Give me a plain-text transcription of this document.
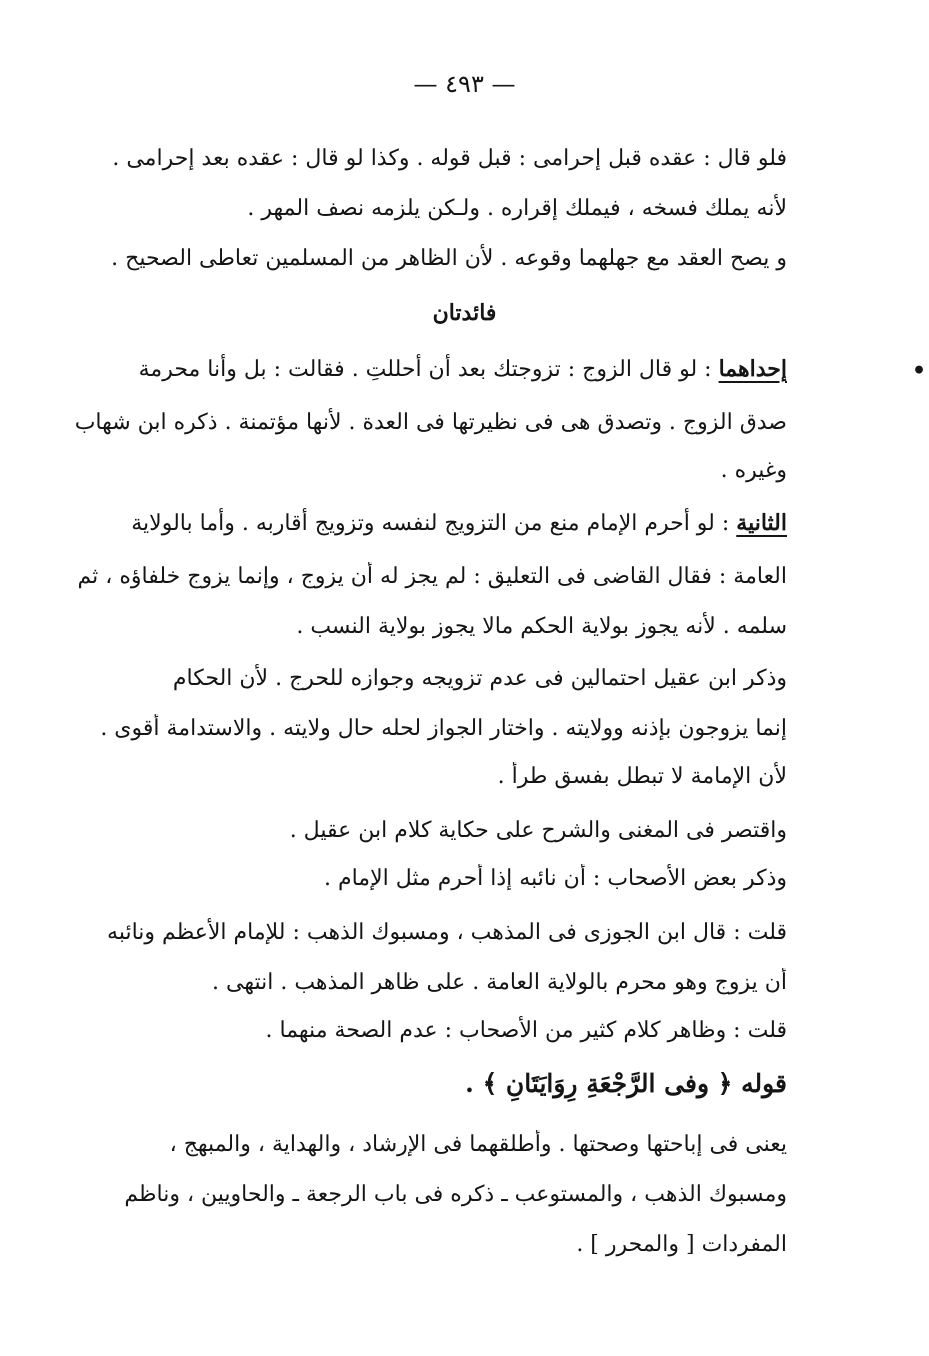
— ٤٩٣ —
•
فلو قال : عقده قبل إحرامى : قبل قوله . وكذا لو قال : عقده بعد إحرامى .
لأنه يملك فسخه ، فيملك إقراره . ولـكن يلزمه نصف المهر .
و يصح العقد مع جهلهما وقوعه . لأن الظاهر من المسلمين تعاطى الصحيح .
فائدتان
إحداهما : لو قال الزوج : تزوجتك بعد أن أحللتِ . فقالت : بل وأنا محرمة
صدق الزوج . وتصدق هى فى نظيرتها فى العدة . لأنها مؤتمنة . ذكره ابن شهاب
وغيره .
الثانية : لو أحرم الإمام منع من التزويج لنفسه وتزويج أقاربه . وأما بالولاية
العامة : فقال القاضى فى التعليق : لم يجز له أن يزوج ، وإنما يزوج خلفاؤه ، ثم
سلمه . لأنه يجوز بولاية الحكم مالا يجوز بولاية النسب .
وذكر ابن عقيل احتمالين فى عدم تزويجه وجوازه للحرج . لأن الحكام
إنما يزوجون بإذنه وولايته . واختار الجواز لحله حال ولايته . والاستدامة أقوى .
لأن الإمامة لا تبطل بفسق طرأ .
واقتصر فى المغنى والشرح على حكاية كلام ابن عقيل .
وذكر بعض الأصحاب : أن نائبه إذا أحرم مثل الإمام .
قلت : قال ابن الجوزى فى المذهب ، ومسبوك الذهب : للإمام الأعظم ونائبه
أن يزوج وهو محرم بالولاية العامة . على ظاهر المذهب . انتهى .
قلت : وظاهر كلام كثير من الأصحاب : عدم الصحة منهما .
قوله ﴿ وفى الرَّجْعَةِ رِوَايَتَانِ ﴾ .
يعنى فى إباحتها وصحتها . وأطلقهما فى الإرشاد ، والهداية ، والمبهج ،
ومسبوك الذهب ، والمستوعب ـ ذكره فى باب الرجعة ـ والحاويين ، وناظم
المفردات [ والمحرر ] .
